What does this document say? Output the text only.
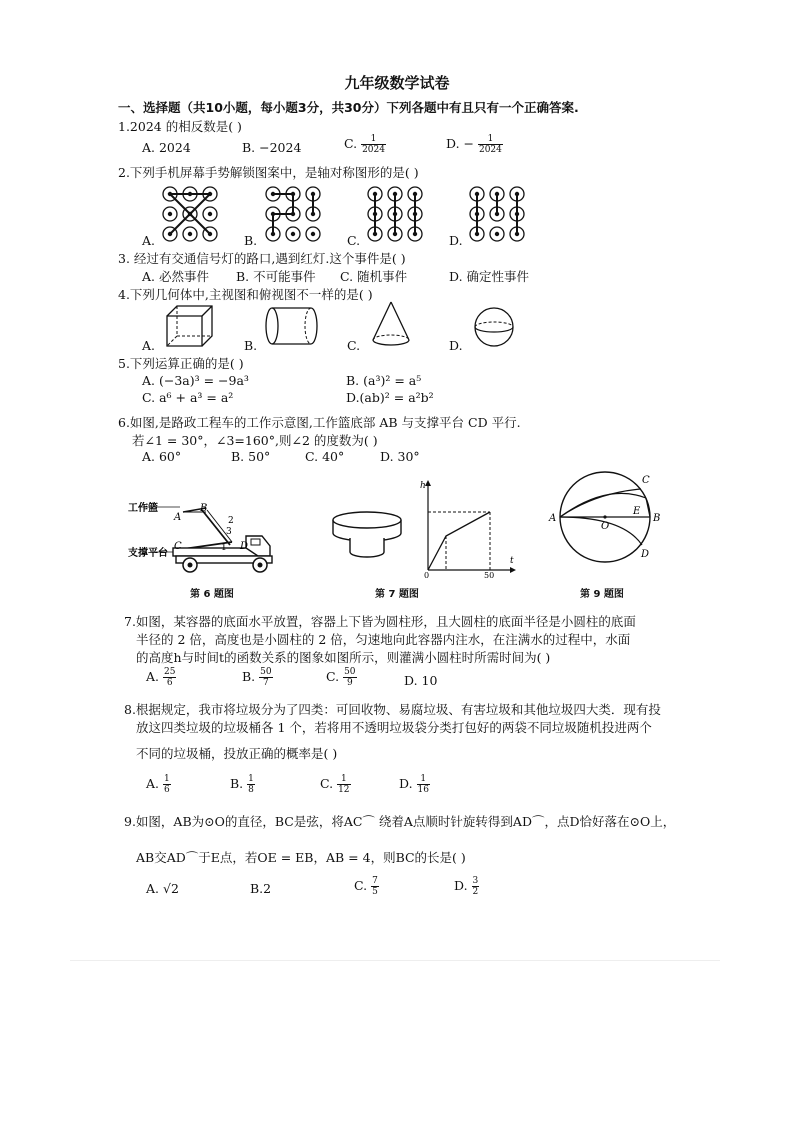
九年级数学试卷
一、选择题（共10小题，每小题3分，共30分）下列各题中有且只有一个正确答案.
1.2024 的相反数是( )
A. 2024	B. −2024	C. $\frac{1}{2024}$	D. − $\frac{1}{2024}$
2.下列手机屏幕手势解锁图案中，是轴对称图形的是( )
A.	B.	C.	D.
3. 经过有交通信号灯的路口,遇到红灯.这个事件是( )
A. 必然事件 B. 不可能事件 C. 随机事件	D. 确定性事件
4.下列几何体中,主视图和俯视图不一样的是( )
A.	B.	C.	D.
5.下列运算正确的是( )
A. (−3a)³ = −9a³	B. (a³)² = a⁵
C. a⁶ + a³ = a²	D.(ab)² = a²b²
6.如图,是路政工程车的工作示意图,工作篮底部 AB 与支撑平台 CD 平行.
若∠1 = 30°，∠3=160°,则∠2 的度数为( )
A. 60°	B. 50°	C. 40°	D. 30°
工作篮
支撑平台
A
B
C	D
1
2
3
h
t
0	50
A
O
E
B
C
D
第 6 题图	第 7 题图	第 9 题图
7.如图，某容器的底面水平放置，容器上下皆为圆柱形，且大圆柱的底面半径是小圆柱的底面
半径的 2 倍，高度也是小圆柱的 2 倍，匀速地向此容器内注水，在注满水的过程中，水面
的高度h与时间t的函数关系的图象如图所示，则灌满小圆柱时所需时间为( )
A. $\frac{25}{6}$	B. $\frac{50}{7}$	C. $\frac{50}{9}$	D. 10
8.根据规定，我市将垃圾分为了四类：可回收物、易腐垃圾、有害垃圾和其他垃圾四大类．现有投
放这四类垃圾的垃圾桶各 1 个，若将用不透明垃圾袋分类打包好的两袋不同垃圾随机投进两个
不同的垃圾桶，投放正确的概率是( )
A. $\frac{1}{6}$	B. $\frac{1}{8}$	C. $\frac{1}{12}$	D. $\frac{1}{16}$
9.如图，AB为⊙O的直径，BC是弦，将AC⌒ 绕着A点顺时针旋转得到AD⌒，点D恰好落在⊙O上，
AB交AD⌒于E点，若OE = EB，AB = 4，则BC的长是( )
A. √2	B.2	C. $\frac{7}{5}$	D. $\frac{3}{2}$
